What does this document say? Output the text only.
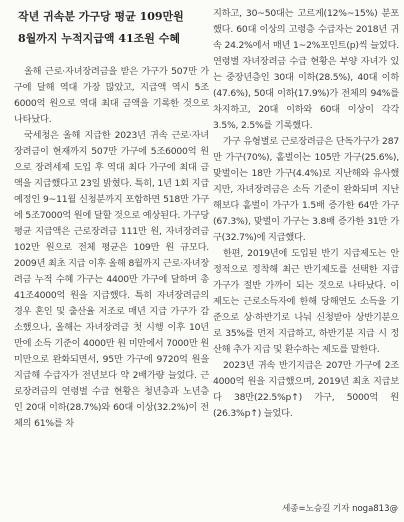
작년 귀속분 가구당 평균 109만원
8월까지 누적지급액 41조원 수혜

올해 근로·자녀장려금을 받은 가구가 507만 가구에 달해 역대 가장 많았고, 지급액 역시 5조6000억 원으로 역대 최대 금액을 기록한 것으로 나타났다.

국세청은 올해 지급한 2023년 귀속 근로·자녀장려금이 현재까지 507만 가구에 5조6000억 원으로 장려세제 도입 후 역대 최다 가구에 최대 금액을 지급했다고 23일 밝혔다. 특히, 1년 1회 지급 예정인 9~11월 신청분까지 포함하면 518만 가구에 5조7000억 원에 달할 것으로 예상된다. 가구당 평균 지급액은 근로장려금 111만 원, 자녀장려금 102만 원으로 전체 평균은 109만 원 규모다. 2009년 최초 지급 이후 올해 8월까지 근로·자녀장려금 누적 수혜 가구는 4400만 가구에 달하며 총 41조4000억 원을 지급했다. 특히 자녀장려금의 경우 혼인 및 출산율 저조로 매년 지급 가구가 감소했으나, 올해는 자녀장려금 첫 시행 이후 10년 만에 소득 기준이 4000만 원 미만에서 7000만 원 미만으로 완화되면서, 95만 가구에 9720억 원을 지급해 수급자가 전년보다 약 2배가량 늘었다. 근로장려금의 연령별 수급 현황은 청년층과 노년층인 20대 이하(28.7%)와 60대 이상(32.2%)이 전체의 61%를 차

지하고, 30~50대는 고르게(12%~15%) 분포했다. 60대 이상의 고령층 수급자는 2018년 귀속 24.2%에서 매년 1~2%포인트(p)씩 늘었다. 연령별 자녀장려금 수급 현황은 부양 자녀가 있는 중장년층인 30대 이하(28.5%), 40대 이하(47.6%), 50대 이하(17.9%)가 전체의 94%를 차지하고, 20대 이하와 60대 이상이 각각 3.5%, 2.5%를 기록했다.

가구 유형별로 근로장려금은 단독가구가 287만 가구(70%), 홑벌이는 105만 가구(25.6%), 맞벌이는 18만 가구(4.4%)로 지난해와 유사했지만, 자녀장려금은 소득 기준이 완화되며 지난해보다 홑벌이 가구가 1.5배 증가한 64만 가구(67.3%), 맞벌이 가구는 3.8배 증가한 31만 가구(32.7%)에 지급했다.

한편, 2019년에 도입된 반기 지급제도는 안정적으로 정착해 최근 반기제도를 선택한 지급 가구가 절반 가까이 되는 것으로 나타났다. 이 제도는 근로소득자에 한해 당해연도 소득을 기준으로 상·하반기로 나눠 신청받아 상반기분으로 35%를 먼저 지급하고, 하반기분 지급 시 정산해 추가 지급 및 환수하는 제도를 말한다.

2023년 귀속 반기지급은 207만 가구에 2조4000억 원을 지급했으며, 2019년 최초 지급보다 38만(22.5%p↑) 가구, 5000억 원(26.3%p↑) 늘었다.

세종=노승길 기자 noga813@
